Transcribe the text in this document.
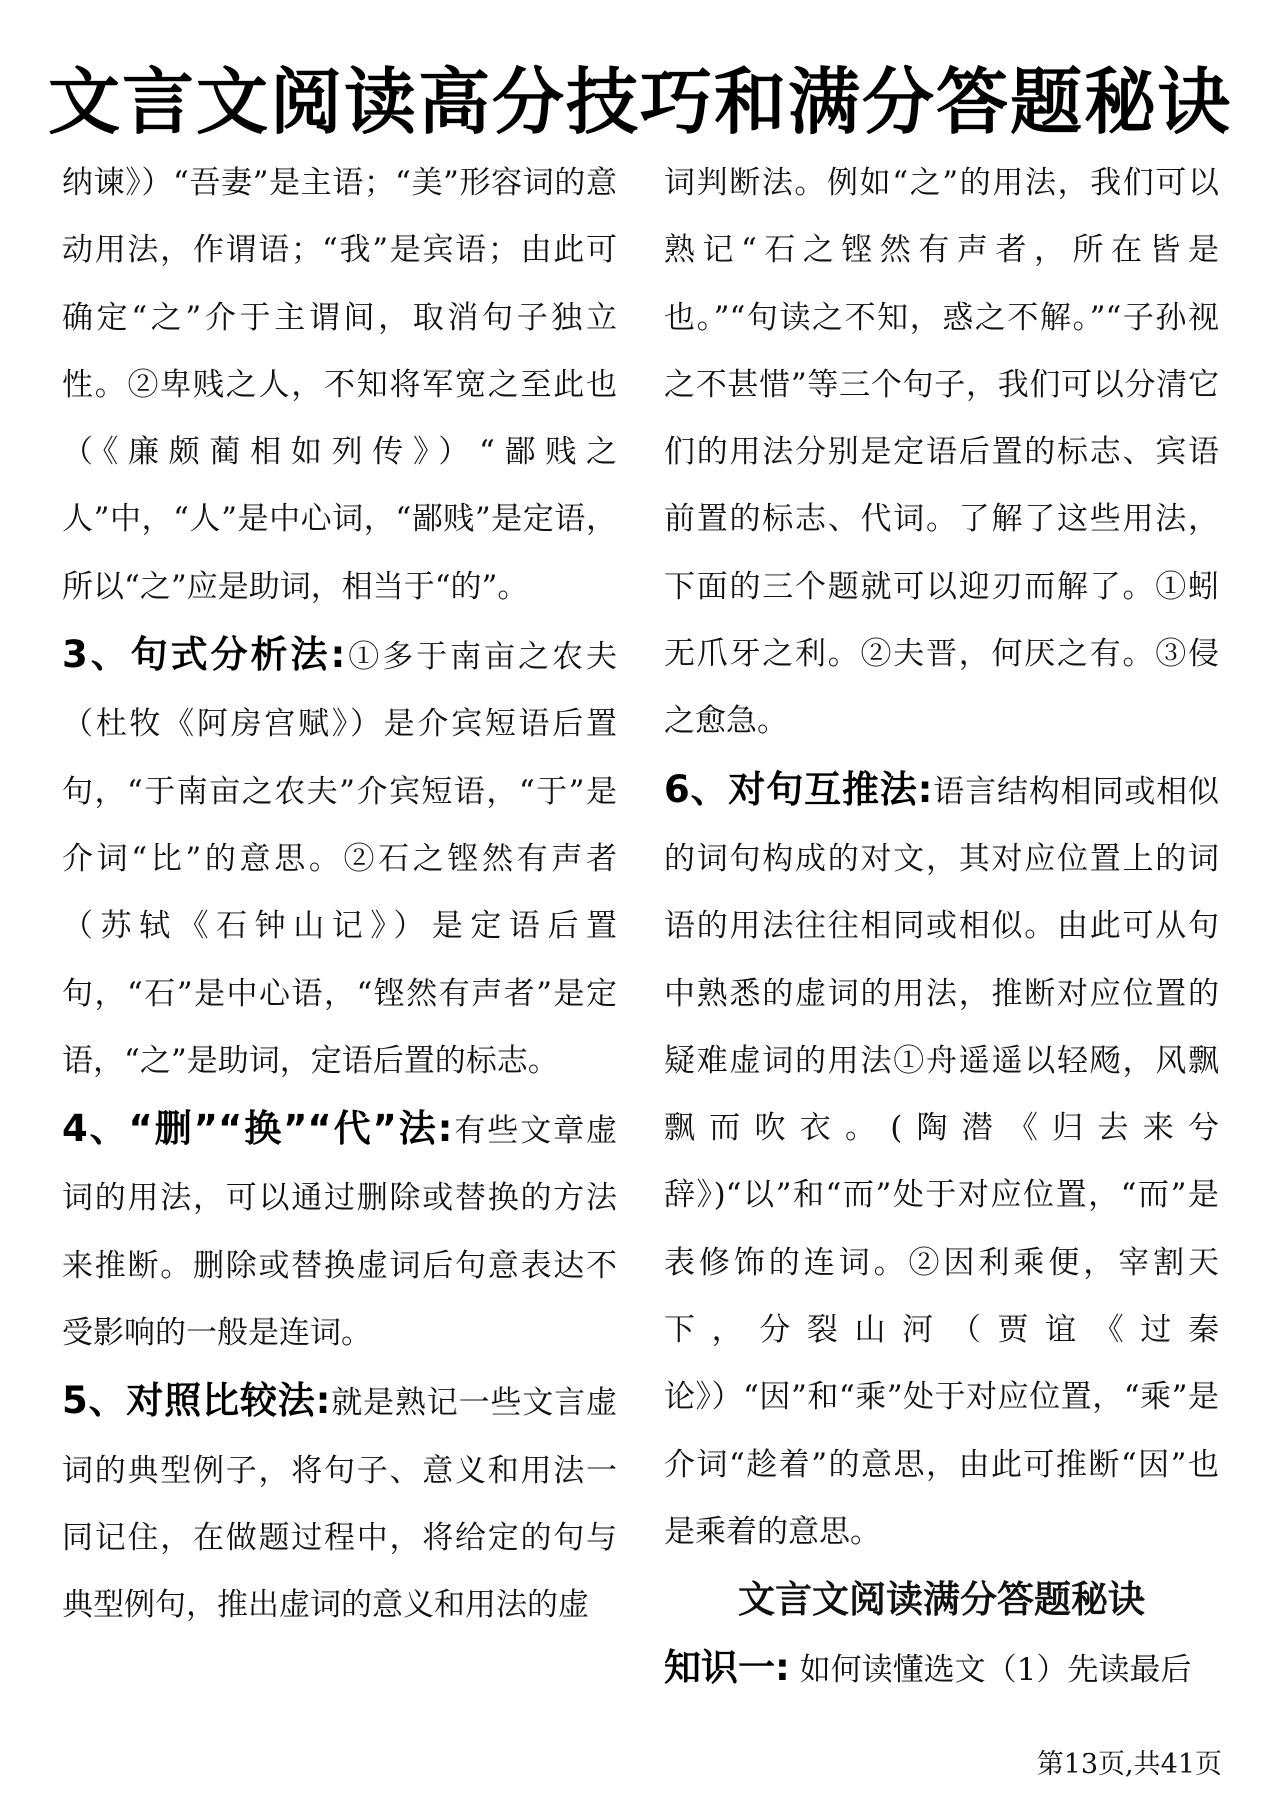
文言文阅读高分技巧和满分答题秘诀

纳谏》）“吾妻”是主语；“美”形容词的意动用法，作谓语；“我”是宾语；由此可确定“之”介于主谓间，取消句子独立性。②卑贱之人，不知将军宽之至此也（《廉颇蔺相如列传》）“鄙贱之人”中，“人”是中心词，“鄙贱”是定语，所以“之”应是助词，相当于“的”。

3、句式分析法:①多于南亩之农夫（杜牧《阿房宫赋》）是介宾短语后置句，“于南亩之农夫”介宾短语，“于”是介词“比”的意思。②石之铿然有声者（苏轼《石钟山记》）是定语后置句，“石”是中心语，“铿然有声者”是定语，“之”是助词，定语后置的标志。

4、“删”“换”“代”法:有些文章虚词的用法，可以通过删除或替换的方法来推断。删除或替换虚词后句意表达不受影响的一般是连词。

5、对照比较法:就是熟记一些文言虚词的典型例子，将句子、意义和用法一同记住，在做题过程中，将给定的句与典型例句，推出虚词的意义和用法的虚

词判断法。例如“之”的用法，我们可以熟记“石之铿然有声者，所在皆是也。”“句读之不知，惑之不解。”“子孙视之不甚惜”等三个句子，我们可以分清它们的用法分别是定语后置的标志、宾语前置的标志、代词。了解了这些用法，下面的三个题就可以迎刃而解了。①蚓无爪牙之利。②夫晋，何厌之有。③侵之愈急。

6、对句互推法:语言结构相同或相似的词句构成的对文，其对应位置上的词语的用法往往相同或相似。由此可从句中熟悉的虚词的用法，推断对应位置的疑难虚词的用法①舟遥遥以轻飏，风飘飘而吹衣。(陶潜《归去来兮辞》)“以”和“而”处于对应位置，“而”是表修饰的连词。②因利乘便，宰割天下，分裂山河（贾谊《过秦论》）“因”和“乘”处于对应位置，“乘”是介词“趁着”的意思，由此可推断“因”也是乘着的意思。

文言文阅读满分答题秘诀

知识一: 如何读懂选文（1）先读最后

第13页,共41页
